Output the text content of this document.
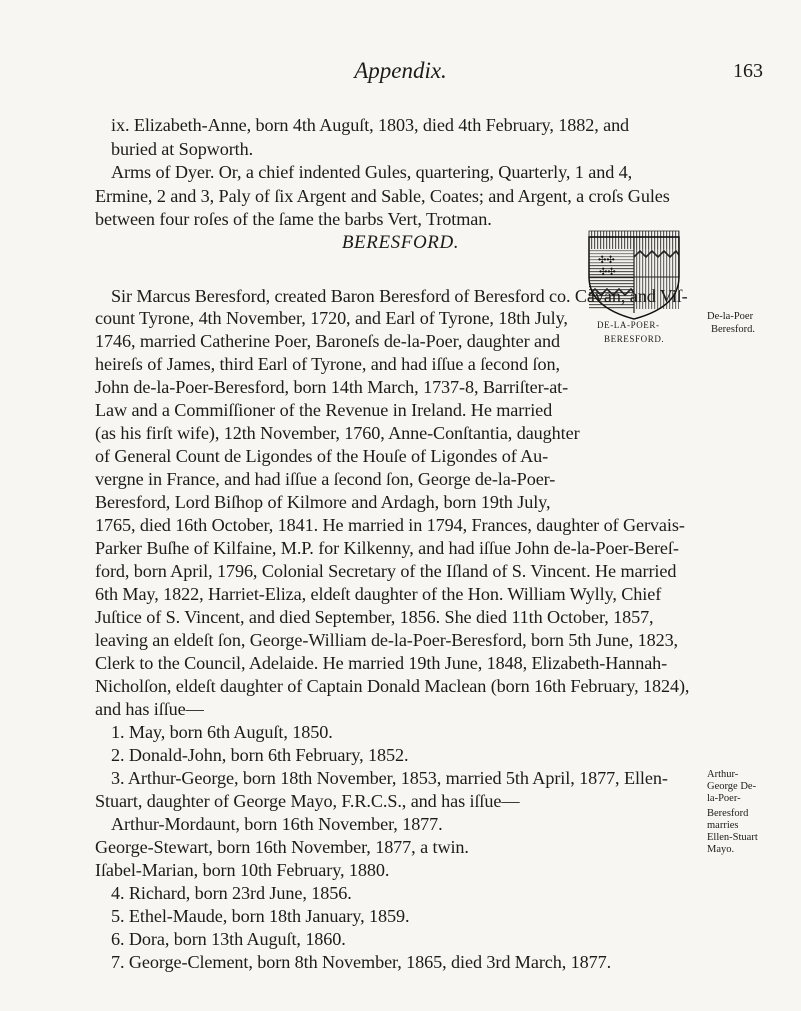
Appendix.	163
ix. Elizabeth-Anne, born 4th Auguſt, 1803, died 4th February, 1882, and
buried at Sopworth.
Arms of Dyer. Or, a chief indented Gules, quartering, Quarterly, 1 and 4,
Ermine, 2 and 3, Paly of ſix Argent and Sable, Coates; and Argent, a croſs Gules
between four roſes of the ſame the barbs Vert, Trotman.
BERESFORD.
De-la-Poer
Beresford.
✣✣
✣✣
DE-LA-POER-
BERESFORD.
Sir Marcus Beresford, created Baron Beresford of Beresford co. Cavan, and Viſ-
count Tyrone, 4th November, 1720, and Earl of Tyrone, 18th July,
1746, married Catherine Poer, Baroneſs de-la-Poer, daughter and
heireſs of James, third Earl of Tyrone, and had iſſue a ſecond ſon,
John de-la-Poer-Beresford, born 14th March, 1737-8, Barriſter-at-
Law and a Commiſſioner of the Revenue in Ireland. He married
(as his firſt wife), 12th November, 1760, Anne-Conſtantia, daughter
of General Count de Ligondes of the Houſe of Ligondes of Au-
vergne in France, and had iſſue a ſecond ſon, George de-la-Poer-
Beresford, Lord Biſhop of Kilmore and Ardagh, born 19th July,
1765, died 16th October, 1841. He married in 1794, Frances, daughter of Gervais-
Parker Buſhe of Kilfaine, M.P. for Kilkenny, and had iſſue John de-la-Poer-Bereſ-
ford, born April, 1796, Colonial Secretary of the Iſland of S. Vincent. He married
6th May, 1822, Harriet-Eliza, eldeſt daughter of the Hon. William Wylly, Chief
Juſtice of S. Vincent, and died September, 1856. She died 11th October, 1857,
leaving an eldeſt ſon, George-William de-la-Poer-Beresford, born 5th June, 1823,
Clerk to the Council, Adelaide. He married 19th June, 1848, Elizabeth-Hannah-
Nicholſon, eldeſt daughter of Captain Donald Maclean (born 16th February, 1824),
and has iſſue—
1. May, born 6th Auguſt, 1850.
2. Donald-John, born 6th February, 1852.
3. Arthur-George, born 18th November, 1853, married 5th April, 1877, Ellen-
Stuart, daughter of George Mayo, F.R.C.S., and has iſſue—
Arthur-Mordaunt, born 16th November, 1877.
George-Stewart, born 16th November, 1877, a twin.
Iſabel-Marian, born 10th February, 1880.
4. Richard, born 23rd June, 1856.
5. Ethel-Maude, born 18th January, 1859.
6. Dora, born 13th Auguſt, 1860.
7. George-Clement, born 8th November, 1865, died 3rd March, 1877.
Arthur-
George De-
la-Poer-
Beresford
marries
Ellen-Stuart
Mayo.
